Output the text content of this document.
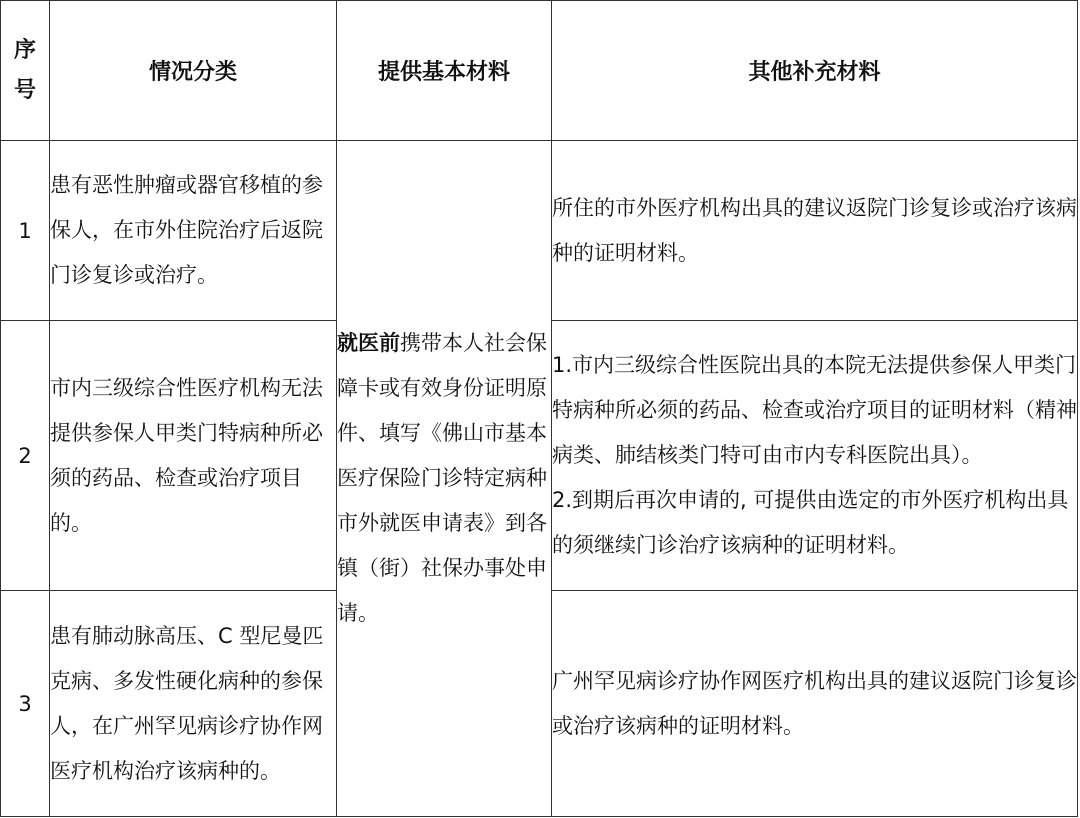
序
号	情况分类	提供基本材料	其他补充材料
1	患有恶性肿瘤或器官移植的参保人，在市外住院治疗后返院门诊复诊或治疗。	就医前携带本人社会保障卡或有效身份证明原件、填写《佛山市基本医疗保险门诊特定病种市外就医申请表》到各镇（街）社保办事处申请。	所住的市外医疗机构出具的建议返院门诊复诊或治疗该病种的证明材料。
2	市内三级综合性医疗机构无法提供参保人甲类门特病种所必须的药品、检查或治疗项目的。		1.市内三级综合性医院出具的本院无法提供参保人甲类门特病种所必须的药品、检查或治疗项目的证明材料（精神病类、肺结核类门特可由市内专科医院出具）。
2.到期后再次申请的, 可提供由选定的市外医疗机构出具的须继续门诊治疗该病种的证明材料。

3	患有肺动脉高压、C 型尼曼匹克病、多发性硬化病种的参保人，在广州罕见病诊疗协作网医疗机构治疗该病种的。		广州罕见病诊疗协作网医疗机构出具的建议返院门诊复诊或治疗该病种的证明材料。
